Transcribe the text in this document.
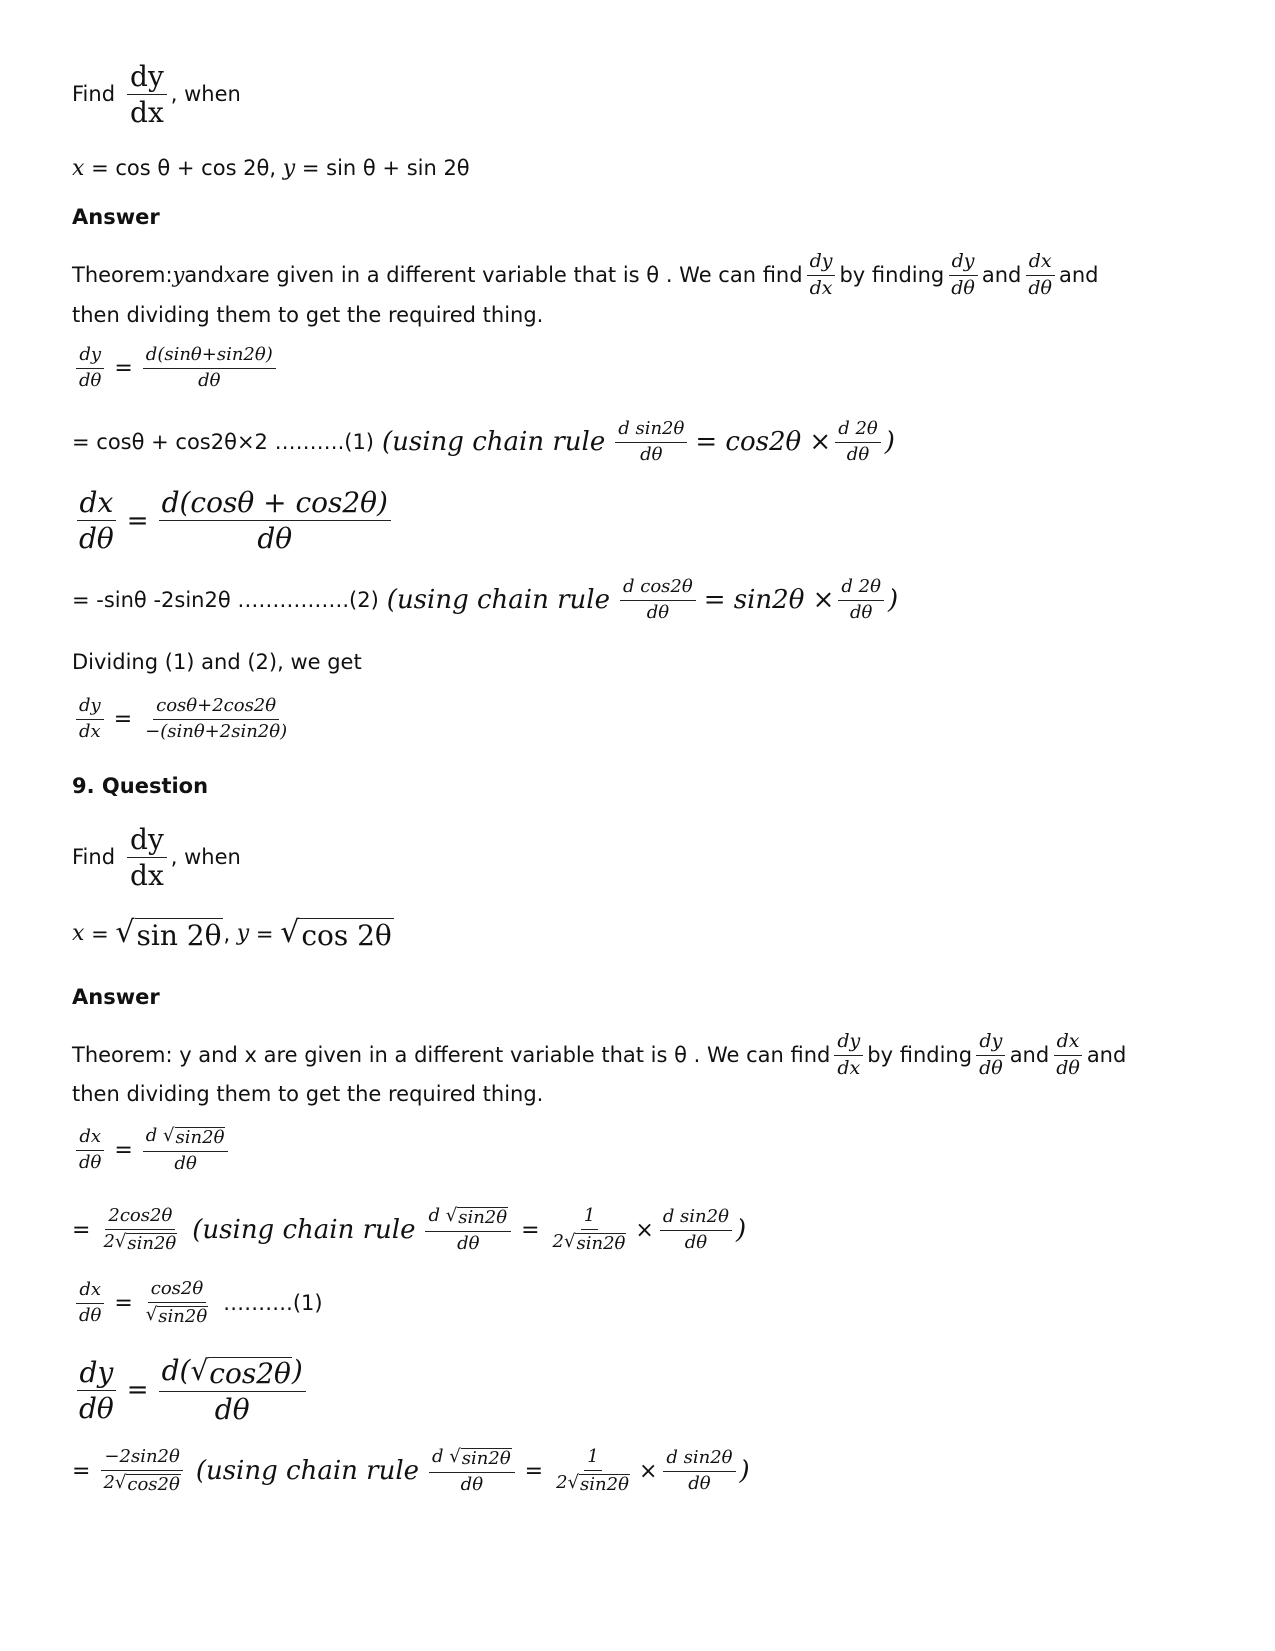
Find $\frac{dy}{dx}$ , when
x = cos θ + cos 2θ, y = sin θ + sin 2θ
Answer
Theorem: y and x are given in a different variable that is θ . We can find $\frac{dy}{dx}$ by finding $\frac{dy}{d\theta}$ and $\frac{dx}{d\theta}$ and
then dividing them to get the required thing.
$\frac{dy}{d\theta} = \frac{d(\sin\theta+\sin 2\theta)}{d\theta}$
= cosθ + cos2θ×2 ……….(1) (using chain rule $\frac{\text{d sin2θ}}{d\theta} = \cos 2\theta \times \frac{d 2\theta}{d\theta}$ )
$\frac{dx}{d\theta} = \frac{d(\cos\theta + \cos 2\theta)}{d\theta}$
= -sinθ -2sin2θ …………….(2) (using chain rule $\frac{\text{d cos2θ}}{d\theta} = \sin 2\theta \times \frac{d 2\theta}{d\theta}$ )
Dividing (1) and (2), we get
$\frac{dy}{dx} = \frac{\cos\theta+2\cos 2\theta}{-(\sin\theta+2\sin 2\theta)}$
9. Question
Find $\frac{dy}{dx}$ , when
x = √ sin 2θ , y = √ cos 2θ
Answer
Theorem: y and x are given in a different variable that is θ . We can find $\frac{dy}{dx}$ by finding $\frac{dy}{d\theta}$ and $\frac{dx}{d\theta}$ and
then dividing them to get the required thing.
$\frac{dx}{d\theta} = \frac{d √ \sin 2\theta}{d\theta}$
= $\frac{2\cos 2\theta}{2 √ \sin 2\theta} (using$ chain rule $\frac{d √ \sin 2\theta}{d\theta} = \frac{1}{2 √ \sin 2\theta} \times \frac{\text{d sin2θ}}{d\theta}$ )
$\frac{dx}{d\theta} = \frac{\cos 2\theta}{√ \sin 2\theta}$ ……….(1)
$\frac{dy}{d\theta} = \frac{d( √ \cos 2\theta )}{d\theta}$
= $\frac{-2\sin 2\theta}{2 √ \cos 2\theta} (using$ chain rule $\frac{d √ \sin 2\theta}{d\theta} = \frac{1}{2 √ \sin 2\theta} \times \frac{\text{d sin2θ}}{d\theta}$ )
